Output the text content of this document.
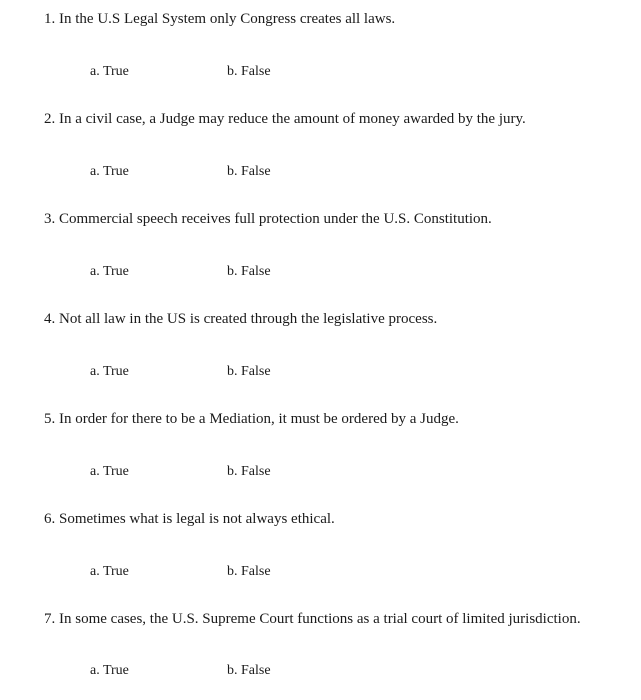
1. In the U.S Legal System only Congress creates all laws.
a. True	b. False
2. In a civil case, a Judge may reduce the amount of money awarded by the jury.
a. True	b. False
3. Commercial speech receives full protection under the U.S. Constitution.
a. True	b. False
4. Not all law in the US is created through the legislative process.
a. True	b. False
5. In order for there to be a Mediation, it must be ordered by a Judge.
a. True	b. False
6. Sometimes what is legal is not always ethical.
a. True	b. False
7. In some cases, the U.S. Supreme Court functions as a trial court of limited jurisdiction.
a. True	b. False
